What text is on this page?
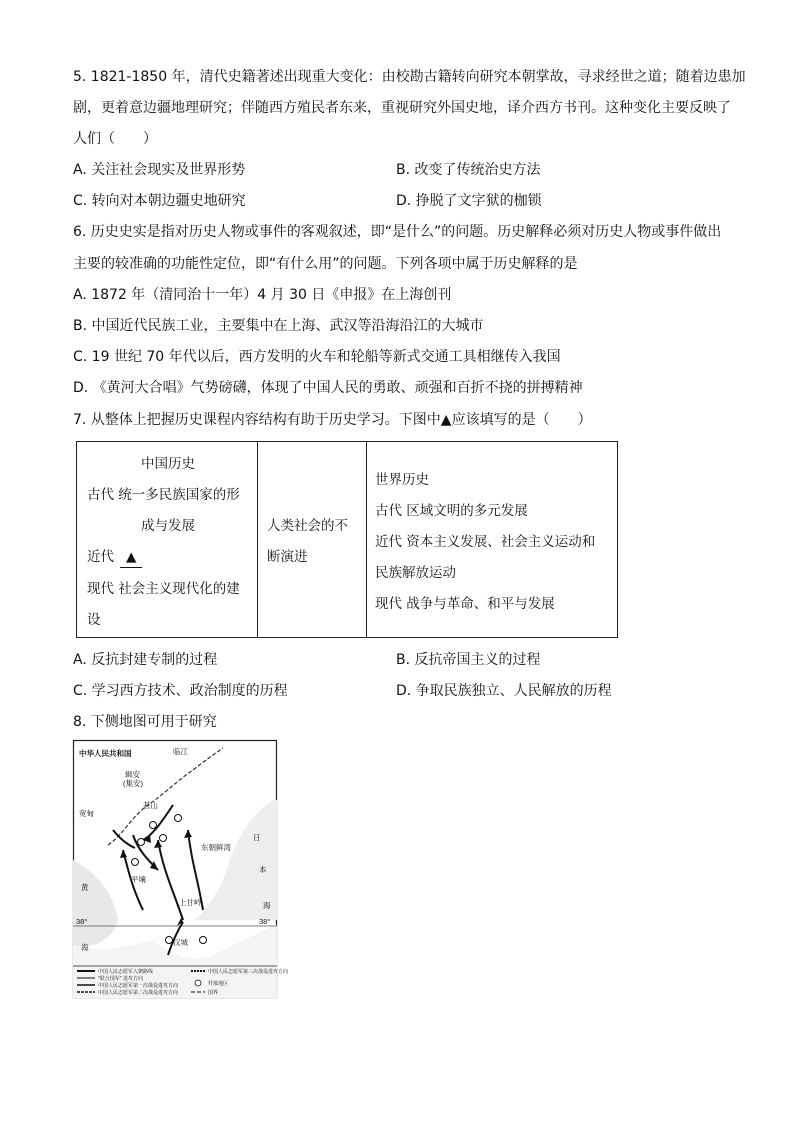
5. 1821-1850 年，清代史籍著述出现重大变化：由校勘古籍转向研究本朝掌故，寻求经世之道；随着边患加
剧，更着意边疆地理研究；伴随西方殖民者东来，重视研究外国史地，译介西方书刊。这种变化主要反映了
人们（　　）
A. 关注社会现实及世界形势	B. 改变了传统治史方法
C. 转向对本朝边疆史地研究	D. 挣脱了文字狱的枷锁
6. 历史史实是指对历史人物或事件的客观叙述，即“是什么”的问题。历史解释必须对历史人物或事件做出
主要的较准确的功能性定位，即“有什么用”的问题。下列各项中属于历史解释的是
A. 1872 年（清同治十一年）4 月 30 日《申报》在上海创刊
B. 中国近代民族工业，主要集中在上海、武汉等沿海沿江的大城市
C. 19 世纪 70 年代以后，西方发明的火车和轮船等新式交通工具相继传入我国
D. 《黄河大合唱》气势磅礴，体现了中国人民的勇敢、顽强和百折不挠的拼搏精神
7. 从整体上把握历史课程内容结构有助于历史学习。下图中▲应该填写的是（　　）
中国历史
古代 统一多民族国家的形
成与发展
近代 ▲
现代 社会主义现代化的建
设

人类社会的不
断演进

世界历史
古代 区域文明的多元发展
近代 资本主义发展、社会主义运动和
民族解放运动
现代 战争与革命、和平与发展
A. 反抗封建专制的过程	B. 反抗帝国主义的过程
C. 学习西方技术、政治制度的历程	D. 争取民族独立、人民解放的历程
8. 下侧地图可用于研究
中华人民共和国	临江
辑安
(集安)
宽甸
甚山
平壤
上甘岭
汉城
东朝鲜湾
黄
海
日
本
海
38°	38°
中国人民志愿军入朝路线
"联合国军" 进攻方向
中国人民志愿军第一次战役进攻方向
中国人民志愿军第二次战役进攻方向
中国人民志愿军第三次战役进攻方向
歼敌地区
国界
